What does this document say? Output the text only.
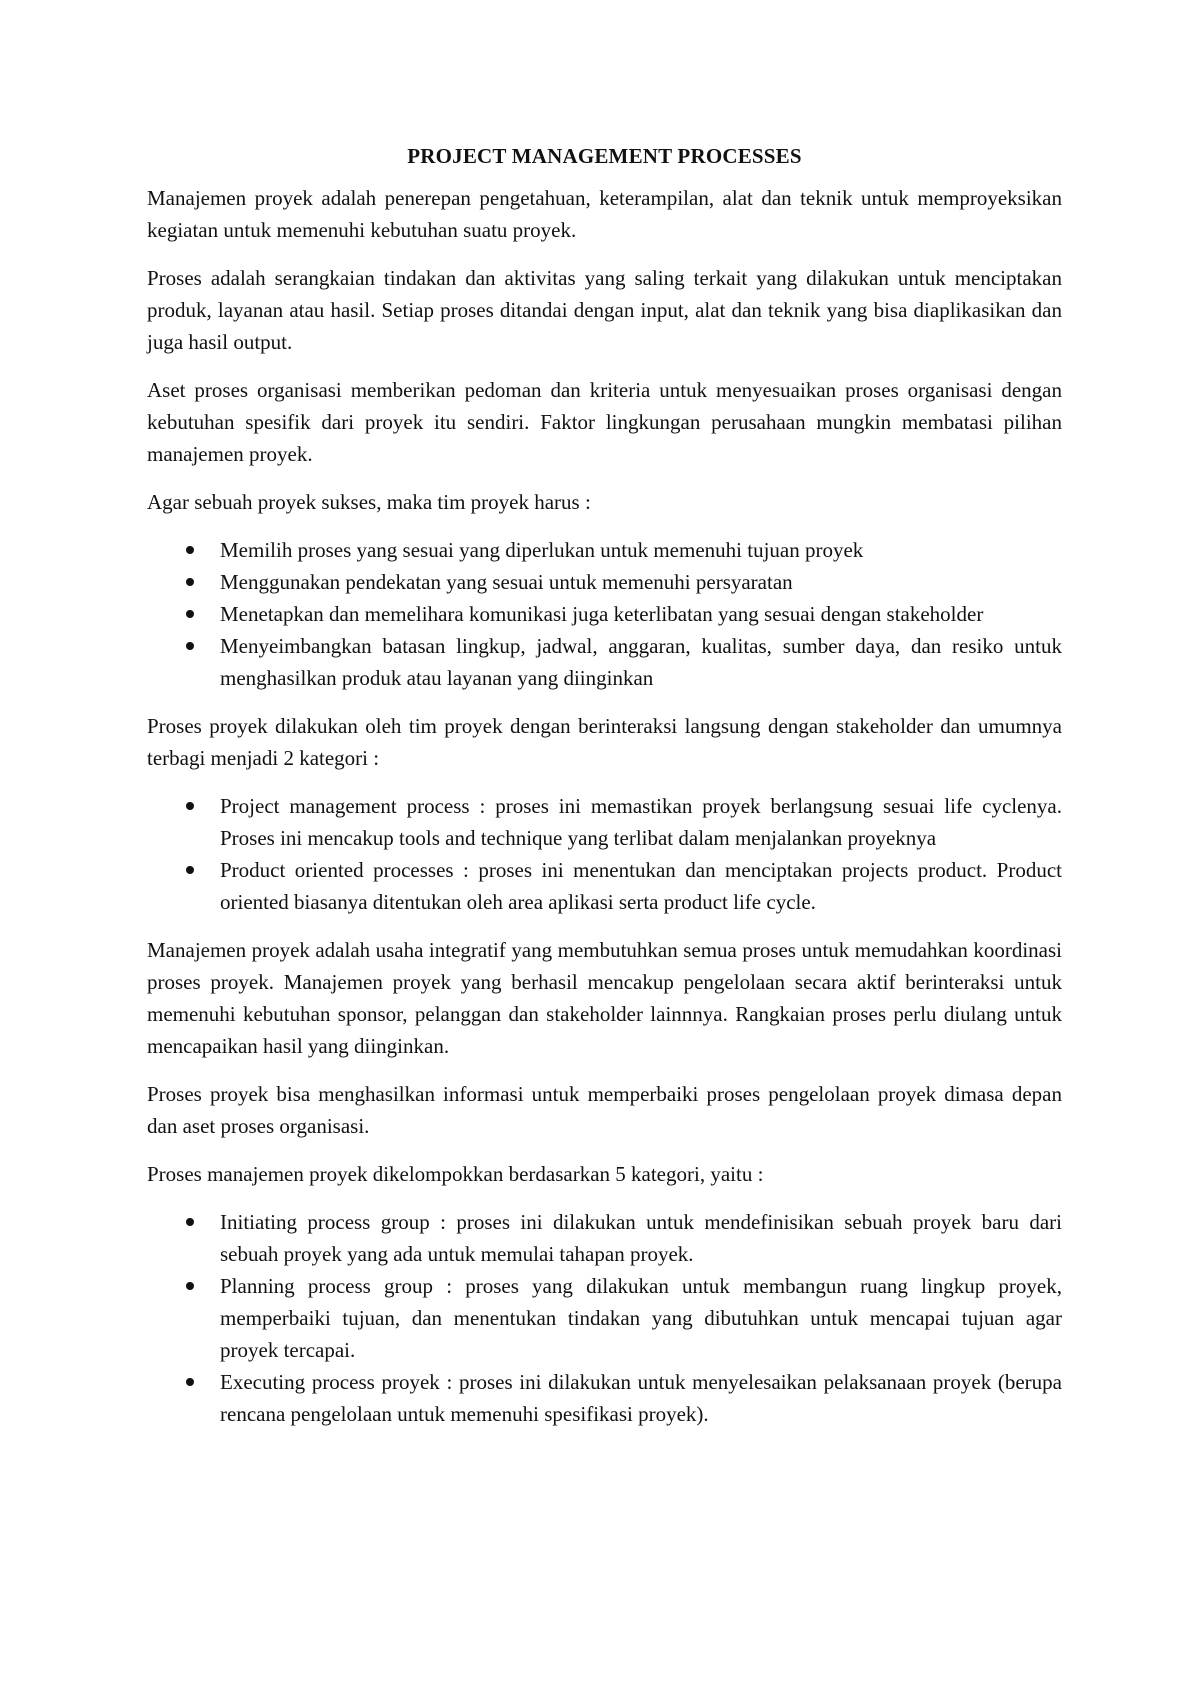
PROJECT MANAGEMENT PROCESSES

Manajemen proyek adalah penerepan pengetahuan, keterampilan, alat dan teknik untuk memproyeksikan kegiatan untuk memenuhi kebutuhan suatu proyek.

Proses adalah serangkaian tindakan dan aktivitas yang saling terkait yang dilakukan untuk menciptakan produk, layanan atau hasil. Setiap proses ditandai dengan input, alat dan teknik yang bisa diaplikasikan dan juga hasil output.

Aset proses organisasi memberikan pedoman dan kriteria untuk menyesuaikan proses organisasi dengan kebutuhan spesifik dari proyek itu sendiri. Faktor lingkungan perusahaan mungkin membatasi pilihan manajemen proyek.

Agar sebuah proyek sukses, maka tim proyek harus :

Memilih proses yang sesuai yang diperlukan untuk memenuhi tujuan proyek
Menggunakan pendekatan yang sesuai untuk memenuhi persyaratan
Menetapkan dan memelihara komunikasi juga keterlibatan yang sesuai dengan stakeholder
Menyeimbangkan batasan lingkup, jadwal, anggaran, kualitas, sumber daya, dan resiko untuk menghasilkan produk atau layanan yang diinginkan

Proses proyek dilakukan oleh tim proyek dengan berinteraksi langsung dengan stakeholder dan umumnya terbagi menjadi 2 kategori :

Project management process : proses ini memastikan proyek berlangsung sesuai life cyclenya. Proses ini mencakup tools and technique yang terlibat dalam menjalankan proyeknya
Product oriented processes : proses ini menentukan dan menciptakan projects product. Product oriented biasanya ditentukan oleh area aplikasi serta product life cycle.

Manajemen proyek adalah usaha integratif yang membutuhkan semua proses untuk memudahkan koordinasi proses proyek. Manajemen proyek yang berhasil mencakup pengelolaan secara aktif berinteraksi untuk memenuhi kebutuhan sponsor, pelanggan dan stakeholder lainnnya. Rangkaian proses perlu diulang untuk mencapaikan hasil yang diinginkan.

Proses proyek bisa menghasilkan informasi untuk memperbaiki proses pengelolaan proyek dimasa depan dan aset proses organisasi.

Proses manajemen proyek dikelompokkan berdasarkan 5 kategori, yaitu :

Initiating process group : proses ini dilakukan untuk mendefinisikan sebuah proyek baru dari sebuah proyek yang ada untuk memulai tahapan proyek.
Planning process group : proses yang dilakukan untuk membangun ruang lingkup proyek, memperbaiki tujuan, dan menentukan tindakan yang dibutuhkan untuk mencapai tujuan agar proyek tercapai.
Executing process proyek : proses ini dilakukan untuk menyelesaikan pelaksanaan proyek (berupa rencana pengelolaan untuk memenuhi spesifikasi proyek).
